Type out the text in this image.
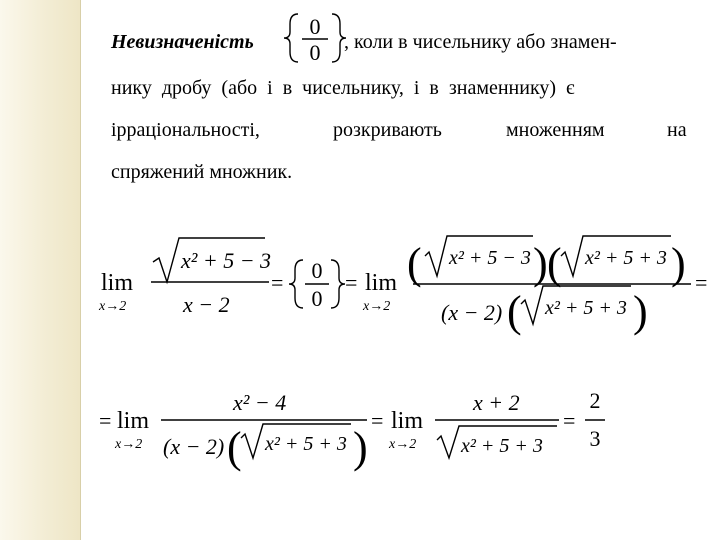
Невизначеність
0
0 , коли в чисельнику або знамен-
нику дробу (або і в чисельнику, і в знаменнику) є
ірраціональності,	розкривають	множенням	на
спряжений множник.
lim
x→2
x² + 5 − 3
x − 2
= 0
0
= lim
x→2
( x² + 5 − 3 ) ( x² + 5 + 3 )
(x − 2) ( x² + 5 + 3 )
=
= lim
x→2
x² − 4
(x − 2) ( x² + 5 + 3 )
= lim
x→2
x + 2
x² + 5 + 3
=
2
3
